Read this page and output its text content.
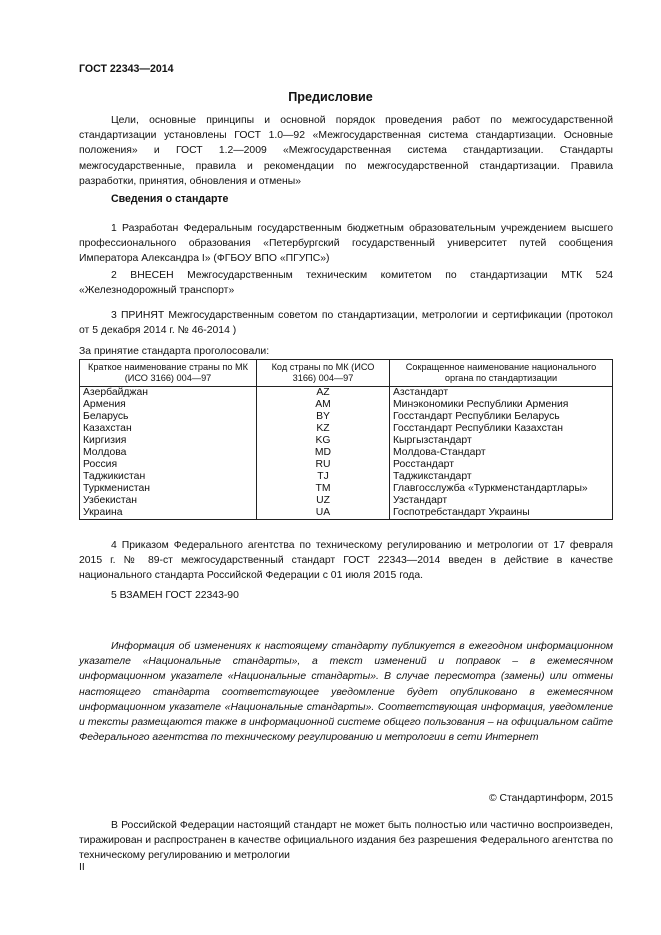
ГОСТ 22343—2014
Предисловие
Цели, основные принципы и основной порядок проведения работ по межгосударственной стандартизации установлены ГОСТ 1.0—92 «Межгосударственная система стандартизации. Основные положения» и ГОСТ 1.2—2009 «Межгосударственная система стандартизации. Стандарты межгосударственные, правила и рекомендации по межгосударственной стандартизации. Правила разработки, принятия, обновления и отмены»
Сведения о стандарте
1 Разработан Федеральным государственным бюджетным образовательным учреждением высшего профессионального образования «Петербургский государственный университет путей сообщения Императора Александра I» (ФГБОУ ВПО «ПГУПС»)
2 ВНЕСЕН Межгосударственным техническим комитетом по стандартизации МТК 524 «Железнодорожный транспорт»
3 ПРИНЯТ Межгосударственным советом по стандартизации, метрологии и сертификации (протокол от 5 декабря 2014 г. № 46-2014 )
За принятие стандарта проголосовали:
Краткое наименование страны по МК (ИСО 3166) 004—97	Код страны по МК (ИСО 3166) 004—97	Сокращенное наименование национального органа по стандартизации
Азербайджан	AZ	Азстандарт
Армения	AM	Минэкономики Республики Армения
Беларусь	BY	Госстандарт Республики Беларусь
Казахстан	KZ	Госстандарт Республики Казахстан
Киргизия	KG	Кыргызстандарт
Молдова	MD	Молдова-Стандарт
Россия	RU	Росстандарт
Таджикистан	TJ	Таджикстандарт
Туркменистан	TM	Главгосслужба «Туркменстандартлары»
Узбекистан	UZ	Узстандарт
Украина	UA	Госпотребстандарт Украины
4 Приказом Федерального агентства по техническому регулированию и метрологии от 17 февраля 2015 г. № 89-ст межгосударственный стандарт ГОСТ 22343—2014 введен в действие в качестве национального стандарта Российской Федерации с 01 июля 2015 года.
5 ВЗАМЕН ГОСТ 22343-90
Информация об изменениях к настоящему стандарту публикуется в ежегодном информационном указателе «Национальные стандарты», а текст изменений и поправок – в ежемесячном информационном указателе «Национальные стандарты». В случае пересмотра (замены) или отмены настоящего стандарта соответствующее уведомление будет опубликовано в ежемесячном информационном указателе «Национальные стандарты». Соответствующая информация, уведомление и тексты размещаются также в информационной системе общего пользования – на официальном сайте Федерального агентства по техническому регулированию и метрологии в сети Интернет
© Стандартинформ, 2015
В Российской Федерации настоящий стандарт не может быть полностью или частично воспроизведен, тиражирован и распространен в качестве официального издания без разрешения Федерального агентства по техническому регулированию и метрологии
II
